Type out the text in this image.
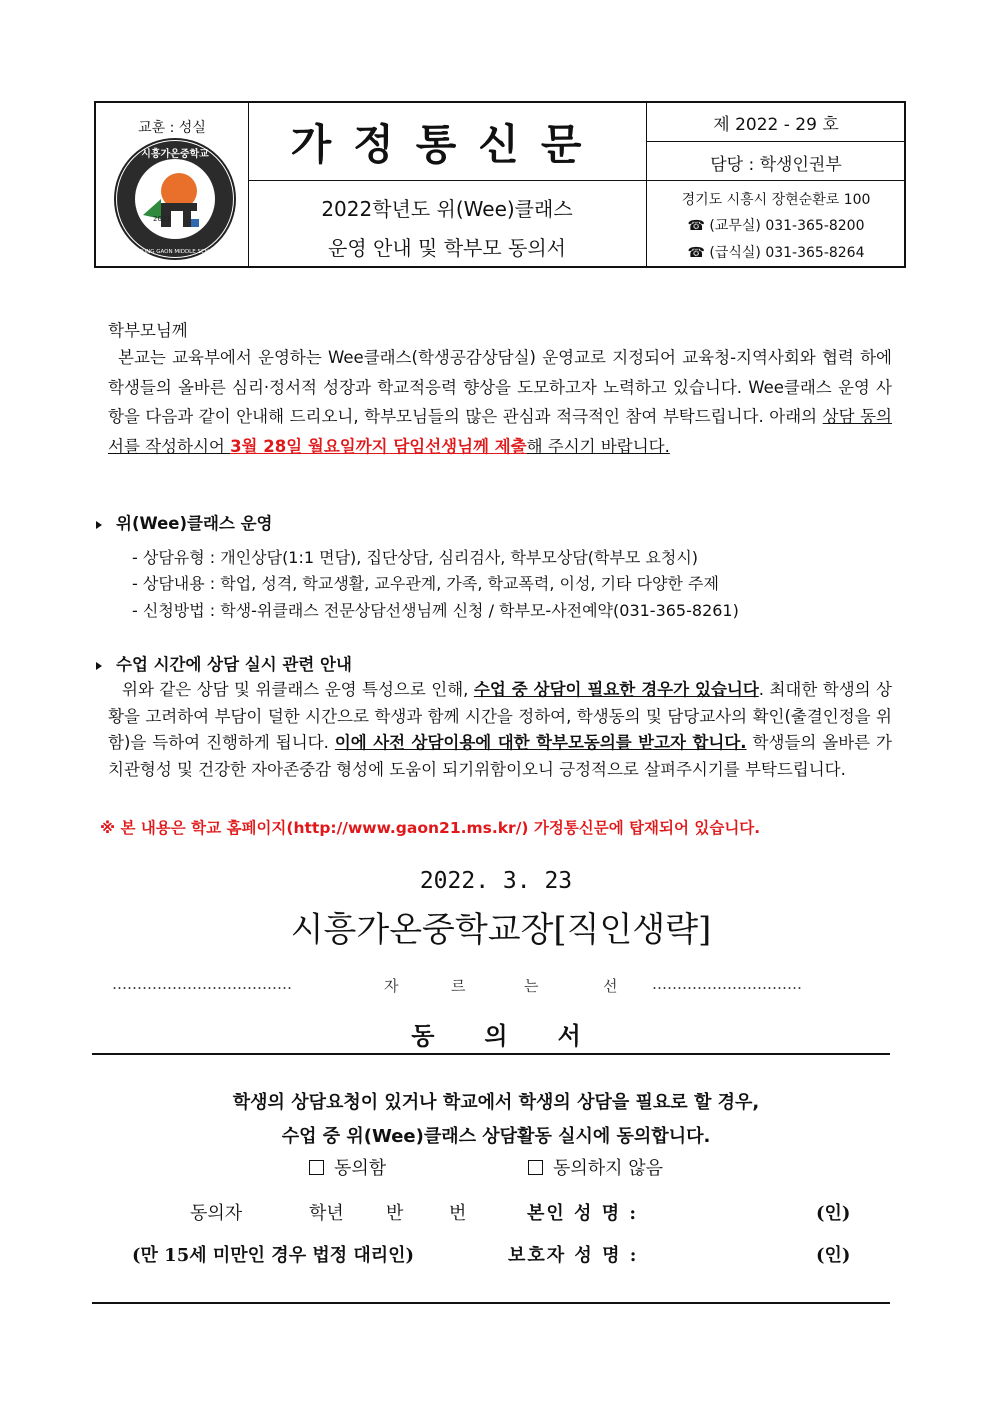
교훈 : 성실
2021
시흥가온중학교
SIHEUNG GAON MIDDLE SCHOOL
가정통신문	제 2022 - 29 호
담당 : 학생인권부
2022학년도 위(Wee)클래스
운영 안내 및 학부모 동의서
경기도 시흥시 장현순환로 100
☎ (교무실) 031-365-8200
☎ (급식실) 031-365-8264
학부모님께
본교는 교육부에서 운영하는 Wee클래스(학생공감상담실) 운영교로 지정되어 교육청-지역사회와 협력 하에 학생들의 올바른 심리·정서적 성장과 학교적응력 향상을 도모하고자 노력하고 있습니다. Wee클래스 운영 사항을 다음과 같이 안내해 드리오니, 학부모님들의 많은 관심과 적극적인 참여 부탁드립니다. 아래의 상담 동의서를 작성하시어 3월 28일 월요일까지 담임선생님께 제출해 주시기 바랍니다.
위(Wee)클래스 운영
- 상담유형 : 개인상담(1:1 면담), 집단상담, 심리검사, 학부모상담(학부모 요청시)
- 상담내용 : 학업, 성격, 학교생활, 교우관계, 가족, 학교폭력, 이성, 기타 다양한 주제
- 신청방법 : 학생-위클래스 전문상담선생님께 신청 / 학부모-사전예약(031-365-8261)
수업 시간에 상담 실시 관련 안내
위와 같은 상담 및 위클래스 운영 특성으로 인해, 수업 중 상담이 필요한 경우가 있습니다. 최대한 학생의 상황을 고려하여 부담이 덜한 시간으로 학생과 함께 시간을 정하여, 학생동의 및 담당교사의 확인(출결인정을 위함)을 득하여 진행하게 됩니다. 이에 사전 상담이용에 대한 학부모동의를 받고자 합니다. 학생들의 올바른 가치관형성 및 건강한 자아존중감 형성에 도움이 되기위함이오니 긍정적으로 살펴주시기를 부탁드립니다.
※ 본 내용은 학교 홈페이지(http://www.gaon21.ms.kr/) 가정통신문에 탑재되어 있습니다.
2022. 3. 23
시흥가온중학교장[직인생략]
………………………………	자	르	는	선 …………………………
동의서
학생의 상담요청이 있거나 학교에서 학생의 상담을 필요로 할 경우,
수업 중 위(Wee)클래스 상담활동 실시에 동의합니다.
동의함	동의하지 않음
동의자	학년 반	번	본인 성 명 :	(인)
(만 15세 미만인 경우 법정 대리인)	보호자 성 명 :	(인)
